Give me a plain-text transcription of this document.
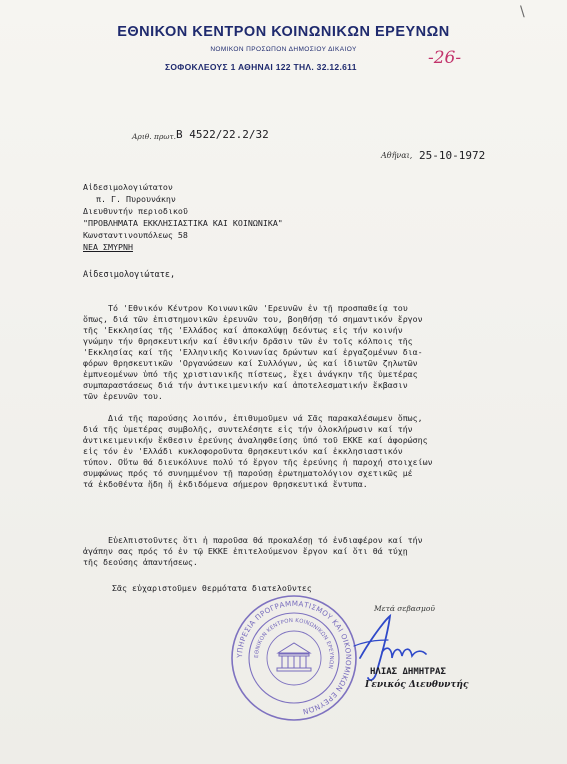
\
ΕΘΝΙΚΟΝ ΚΕΝΤΡΟΝ ΚΟΙΝΩΝΙΚΩΝ ΕΡΕΥΝΩΝ
ΝΟΜΙΚΟΝ ΠΡΟΣΩΠΟΝ ΔΗΜΟΣΙΟΥ ΔΙΚΑΙΟΥ
ΣΟΦΟΚΛΕΟΥΣ 1 ΑΘΗΝΑΙ 122 ΤΗΛ. 32.12.611	-26-
Αριθ. πρωτ. Β 4522/22.2/32
Αθῆναι, 25-10-1972
Αἰδεσιμολογιώτατον
π. Γ. Πυρουνάκην
Διευθυντήν περιοδικοῦ
"ΠΡΟΒΛΗΜΑΤΑ ΕΚΚΛΗΣΙΑΣΤΙΚΑ ΚΑΙ ΚΟΙΝΩΝΙΚΑ"
Κωνσταντινουπόλεως 58
ΝΕΑ ΣΜΥΡΝΗ
Αἰδεσιμολογιώτατε,
Τό 'Εθνικόν Κέντρον Κοινωνικῶν 'Ερευνῶν ἐν τῇ προσπαθείᾳ του
ὅπως, διά τῶν ἐπιστημονικῶν ἐρευνῶν του, βοηθήσῃ τό σημαντικόν ἔργον
τῆς 'Εκκλησίας τῆς 'Ελλάδος καί ἀποκαλύψῃ δεόντως εἰς τήν κοινήν
γνώμην τήν θρησκευτικήν καί ἐθνικήν δρᾶσιν τῶν ἐν τοῖς κόλποις τῆς
'Εκκλησίας καί τῆς 'Ελληνικῆς Κοινωνίας δρώντων καί ἐργαζομένων δια-
φόρων θρησκευτικῶν 'Οργανώσεων καί Συλλόγων, ὡς καί ἰδιωτῶν ζηλωτῶν
ἐμπνεομένων ὑπό τῆς χριστιανικῆς πίστεως, ἔχει ἀνάγκην τῆς ὑμετέρας
συμπαραστάσεως διά τήν ἀντικειμενικήν καί ἀποτελεσματικήν ἔκβασιν
τῶν ἐρευνῶν του.
Διά τῆς παρούσης λοιπόν, ἐπιθυμοῦμεν νά Σᾶς παρακαλέσωμεν ὅπως,
διά τῆς ὑμετέρας συμβολῆς, συντελέσητε εἰς τήν ὁλοκλήρωσιν καί τήν
ἀντικειμενικήν ἔκθεσιν ἐρεύνης ἀναληφθείσης ὑπό τοῦ ΕΚΚΕ καί ἀφορώσης
εἰς τόν ἐν 'Ελλάδι κυκλοφοροῦντα θρησκευτικόν καί ἐκκλησιαστικόν
τύπον. Οὕτω θά διευκόλυνε πολύ τό ἔργον τῆς ἐρεύνης ἡ παροχή στοιχείων
συμφώνως πρός τό συνημμένον τῇ παρούσῃ ἐρωτηματολόγιον σχετικῶς μέ
τά ἐκδοθέντα ἤδη ἤ ἐκδιδόμενα σήμερον θρησκευτικά ἔντυπα.
Εὐελπιστοῦντες ὅτι ἡ παροῦσα θά προκαλέσῃ τό ἐνδιαφέρον καί τήν
ἀγάπην σας πρός τό ἐν τῷ ΕΚΚΕ ἐπιτελούμενον ἔργον καί ὅτι θά τύχῃ
τῆς δεούσης ἀπαντήσεως.
Σᾶς εὐχαριστοῦμεν θερμότατα διατελοῦντες
ΥΠΗΡΕΣΙΑ ΠΡΟΓΡΑΜΜΑΤΙΣΜΟΥ ΚΑΙ ΟΙΚΟΝΟΜΙΚΩΝ ΕΡΕΥΝΩΝ
ΕΘΝΙΚΟΝ ΚΕΝΤΡΟΝ ΚΟΙΝΩΝΙΚΩΝ ΕΡΕΥΝΩΝ
Μετά σεβασμοῦ
ΗΛΙΑΣ ΔΗΜΗΤΡΑΣ
Γενικός Διευθυντής
